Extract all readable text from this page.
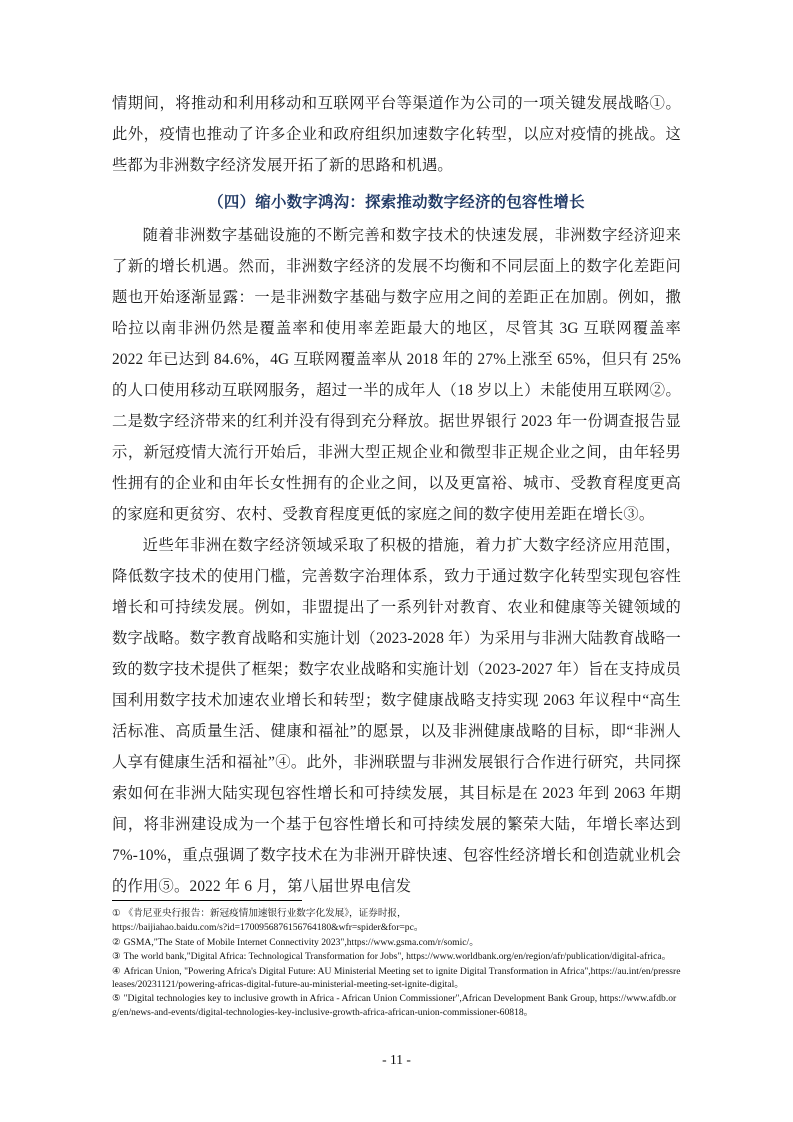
情期间，将推动和利用移动和互联网平台等渠道作为公司的一项关键发展战略①。此外，疫情也推动了许多企业和政府组织加速数字化转型，以应对疫情的挑战。这些都为非洲数字经济发展开拓了新的思路和机遇。

（四）缩小数字鸿沟：探索推动数字经济的包容性增长

随着非洲数字基础设施的不断完善和数字技术的快速发展，非洲数字经济迎来了新的增长机遇。然而，非洲数字经济的发展不均衡和不同层面上的数字化差距问题也开始逐渐显露：一是非洲数字基础与数字应用之间的差距正在加剧。例如，撒哈拉以南非洲仍然是覆盖率和使用率差距最大的地区，尽管其 3G 互联网覆盖率 2022 年已达到 84.6%，4G 互联网覆盖率从 2018 年的 27%上涨至 65%，但只有 25%的人口使用移动互联网服务，超过一半的成年人（18 岁以上）未能使用互联网②。二是数字经济带来的红利并没有得到充分释放。据世界银行 2023 年一份调查报告显示，新冠疫情大流行开始后，非洲大型正规企业和微型非正规企业之间，由年轻男性拥有的企业和由年长女性拥有的企业之间，以及更富裕、城市、受教育程度更高的家庭和更贫穷、农村、受教育程度更低的家庭之间的数字使用差距在增长③。

近些年非洲在数字经济领域采取了积极的措施，着力扩大数字经济应用范围，降低数字技术的使用门槛，完善数字治理体系，致力于通过数字化转型实现包容性增长和可持续发展。例如，非盟提出了一系列针对教育、农业和健康等关键领域的数字战略。数字教育战略和实施计划（2023-2028 年）为采用与非洲大陆教育战略一致的数字技术提供了框架；数字农业战略和实施计划（2023-2027 年）旨在支持成员国利用数字技术加速农业增长和转型；数字健康战略支持实现 2063 年议程中“高生活标准、高质量生活、健康和福祉”的愿景，以及非洲健康战略的目标，即“非洲人人享有健康生活和福祉”④。此外，非洲联盟与非洲发展银行合作进行研究，共同探索如何在非洲大陆实现包容性增长和可持续发展，其目标是在 2023 年到 2063 年期间，将非洲建设成为一个基于包容性增长和可持续发展的繁荣大陆，年增长率达到 7%-10%，重点强调了数字技术在为非洲开辟快速、包容性经济增长和创造就业机会的作用⑤。2022 年 6 月，第八届世界电信发

① 《肯尼亚央行报告：新冠疫情加速银行业数字化发展》，证券时报，
https://baijiahao.baidu.com/s?id=1700956876156764180&wfr=spider&for=pc。
② GSMA,"The State of Mobile Internet Connectivity 2023",https://www.gsma.com/r/somic/。
③ The world bank,"Digital Africa: Technological Transformation for Jobs", https://www.worldbank.org/en/region/afr/publication/digital-africa。
④ African Union, "Powering Africa's Digital Future: AU Ministerial Meeting set to ignite Digital Transformation in Africa",https://au.int/en/pressreleases/20231121/powering-africas-digital-future-au-ministerial-meeting-set-ignite-digital。
⑤ "Digital technologies key to inclusive growth in Africa - African Union Commissioner",African Development Bank Group, https://www.afdb.org/en/news-and-events/digital-technologies-key-inclusive-growth-africa-african-union-commissioner-60818。
- 11 -
